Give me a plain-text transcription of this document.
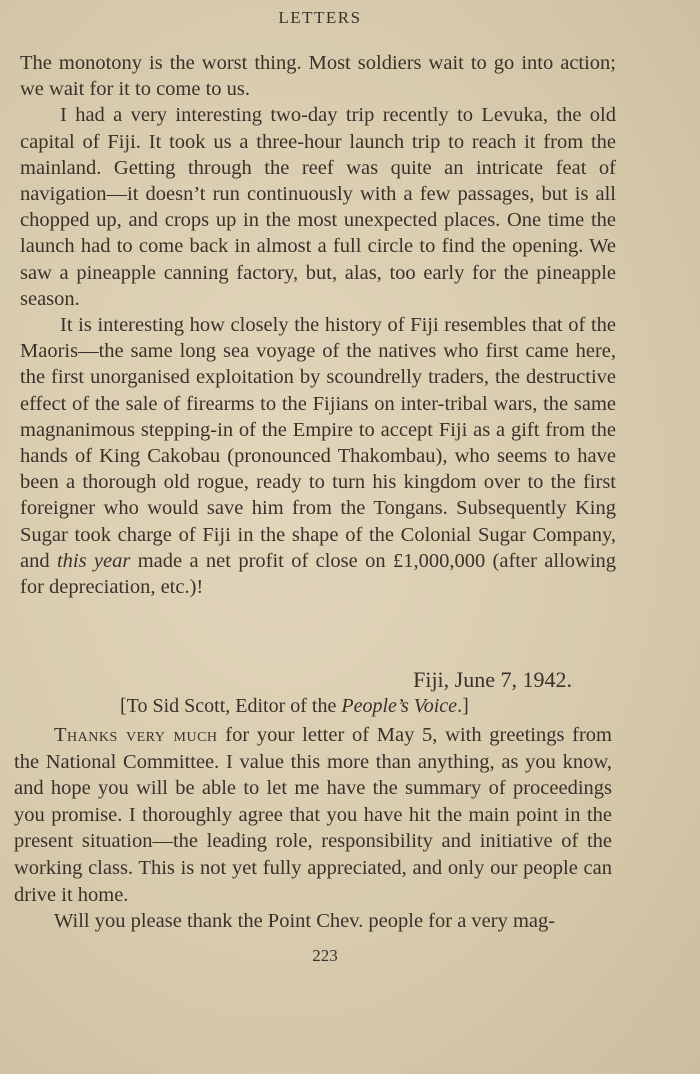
LETTERS

The monotony is the worst thing. Most soldiers wait to go into action; we wait for it to come to us.

I had a very interesting two-day trip recently to Levuka, the old capital of Fiji. It took us a three-hour launch trip to reach it from the mainland. Getting through the reef was quite an intricate feat of navigation—it doesn’t run continuously with a few passages, but is all chopped up, and crops up in the most unexpected places. One time the launch had to come back in almost a full circle to find the opening. We saw a pineapple canning factory, but, alas, too early for the pineapple season.

It is interesting how closely the history of Fiji resembles that of the Maoris—the same long sea voyage of the natives who first came here, the first unorganised exploitation by scoundrelly traders, the destructive effect of the sale of firearms to the Fijians on inter-tribal wars, the same magnanimous stepping-in of the Empire to accept Fiji as a gift from the hands of King Cakobau (pronounced Thakombau), who seems to have been a thorough old rogue, ready to turn his kingdom over to the first foreigner who would save him from the Tongans. Subsequently King Sugar took charge of Fiji in the shape of the Colonial Sugar Company, and this year made a net profit of close on £1,000,000 (after allowing for depreciation, etc.)!

Fiji, June 7, 1942.
[To Sid Scott, Editor of the People’s Voice.]

Thanks very much for your letter of May 5, with greetings from the National Committee. I value this more than anything, as you know, and hope you will be able to let me have the summary of proceedings you promise. I thoroughly agree that you have hit the main point in the present situation—the leading role, responsibility and initiative of the working class. This is not yet fully appreciated, and only our people can drive it home.

Will you please thank the Point Chev. people for a very mag-

223
